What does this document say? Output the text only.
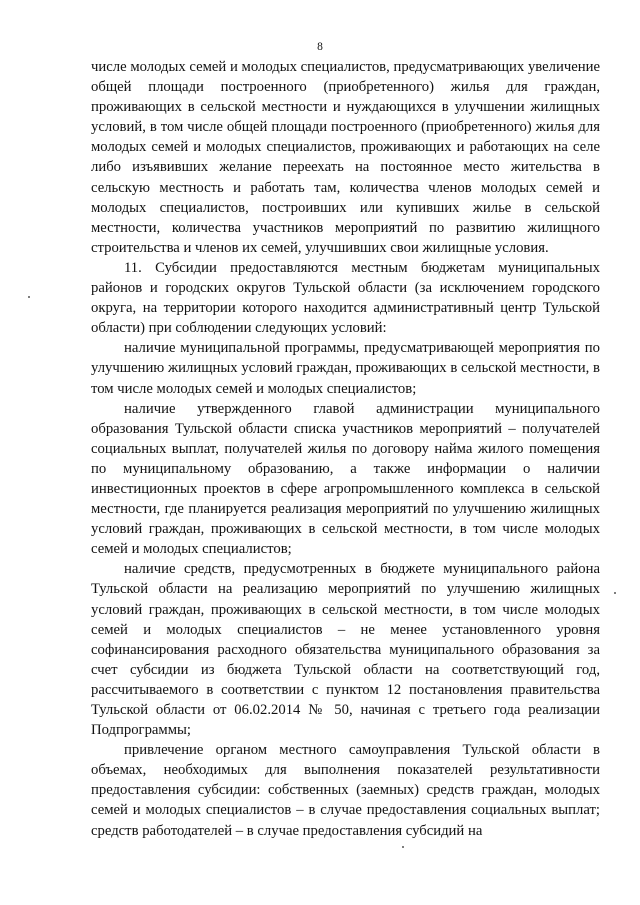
8

числе молодых семей и молодых специалистов, предусматривающих увеличение общей площади построенного (приобретенного) жилья для граждан, проживающих в сельской местности и нуждающихся в улучшении жилищных условий, в том числе общей площади построенного (приобретенного) жилья для молодых семей и молодых специалистов, проживающих и работающих на селе либо изъявивших желание переехать на постоянное место жительства в сельскую местность и работать там, количества членов молодых семей и молодых специалистов, построивших или купивших жилье в сельской местности, количества участников мероприятий по развитию жилищного строительства и членов их семей, улучшивших свои жилищные условия.

11. Субсидии предоставляются местным бюджетам муниципальных районов и городских округов Тульской области (за исключением городского округа, на территории которого находится административный центр Тульской области) при соблюдении следующих условий:

наличие муниципальной программы, предусматривающей мероприятия по улучшению жилищных условий граждан, проживающих в сельской местности, в том числе молодых семей и молодых специалистов;

наличие утвержденного главой администрации муниципального образования Тульской области списка участников мероприятий – получателей социальных выплат, получателей жилья по договору найма жилого помещения по муниципальному образованию, а также информации о наличии инвестиционных проектов в сфере агропромышленного комплекса в сельской местности, где планируется реализация мероприятий по улучшению жилищных условий граждан, проживающих в сельской местности, в том числе молодых семей и молодых специалистов;

наличие средств, предусмотренных в бюджете муниципального района Тульской области на реализацию мероприятий по улучшению жилищных условий граждан, проживающих в сельской местности, в том числе молодых семей и молодых специалистов – не менее установленного уровня софинансирования расходного обязательства муниципального образования за счет субсидии из бюджета Тульской области на соответствующий год, рассчитываемого в соответствии с пунктом 12 постановления правительства Тульской области от 06.02.2014 № 50, начиная с третьего года реализации Подпрограммы;

привлечение органом местного самоуправления Тульской области в объемах, необходимых для выполнения показателей результативности предоставления субсидии: собственных (заемных) средств граждан, молодых семей и молодых специалистов – в случае предоставления социальных выплат; средств работодателей – в случае предоставления субсидий на
